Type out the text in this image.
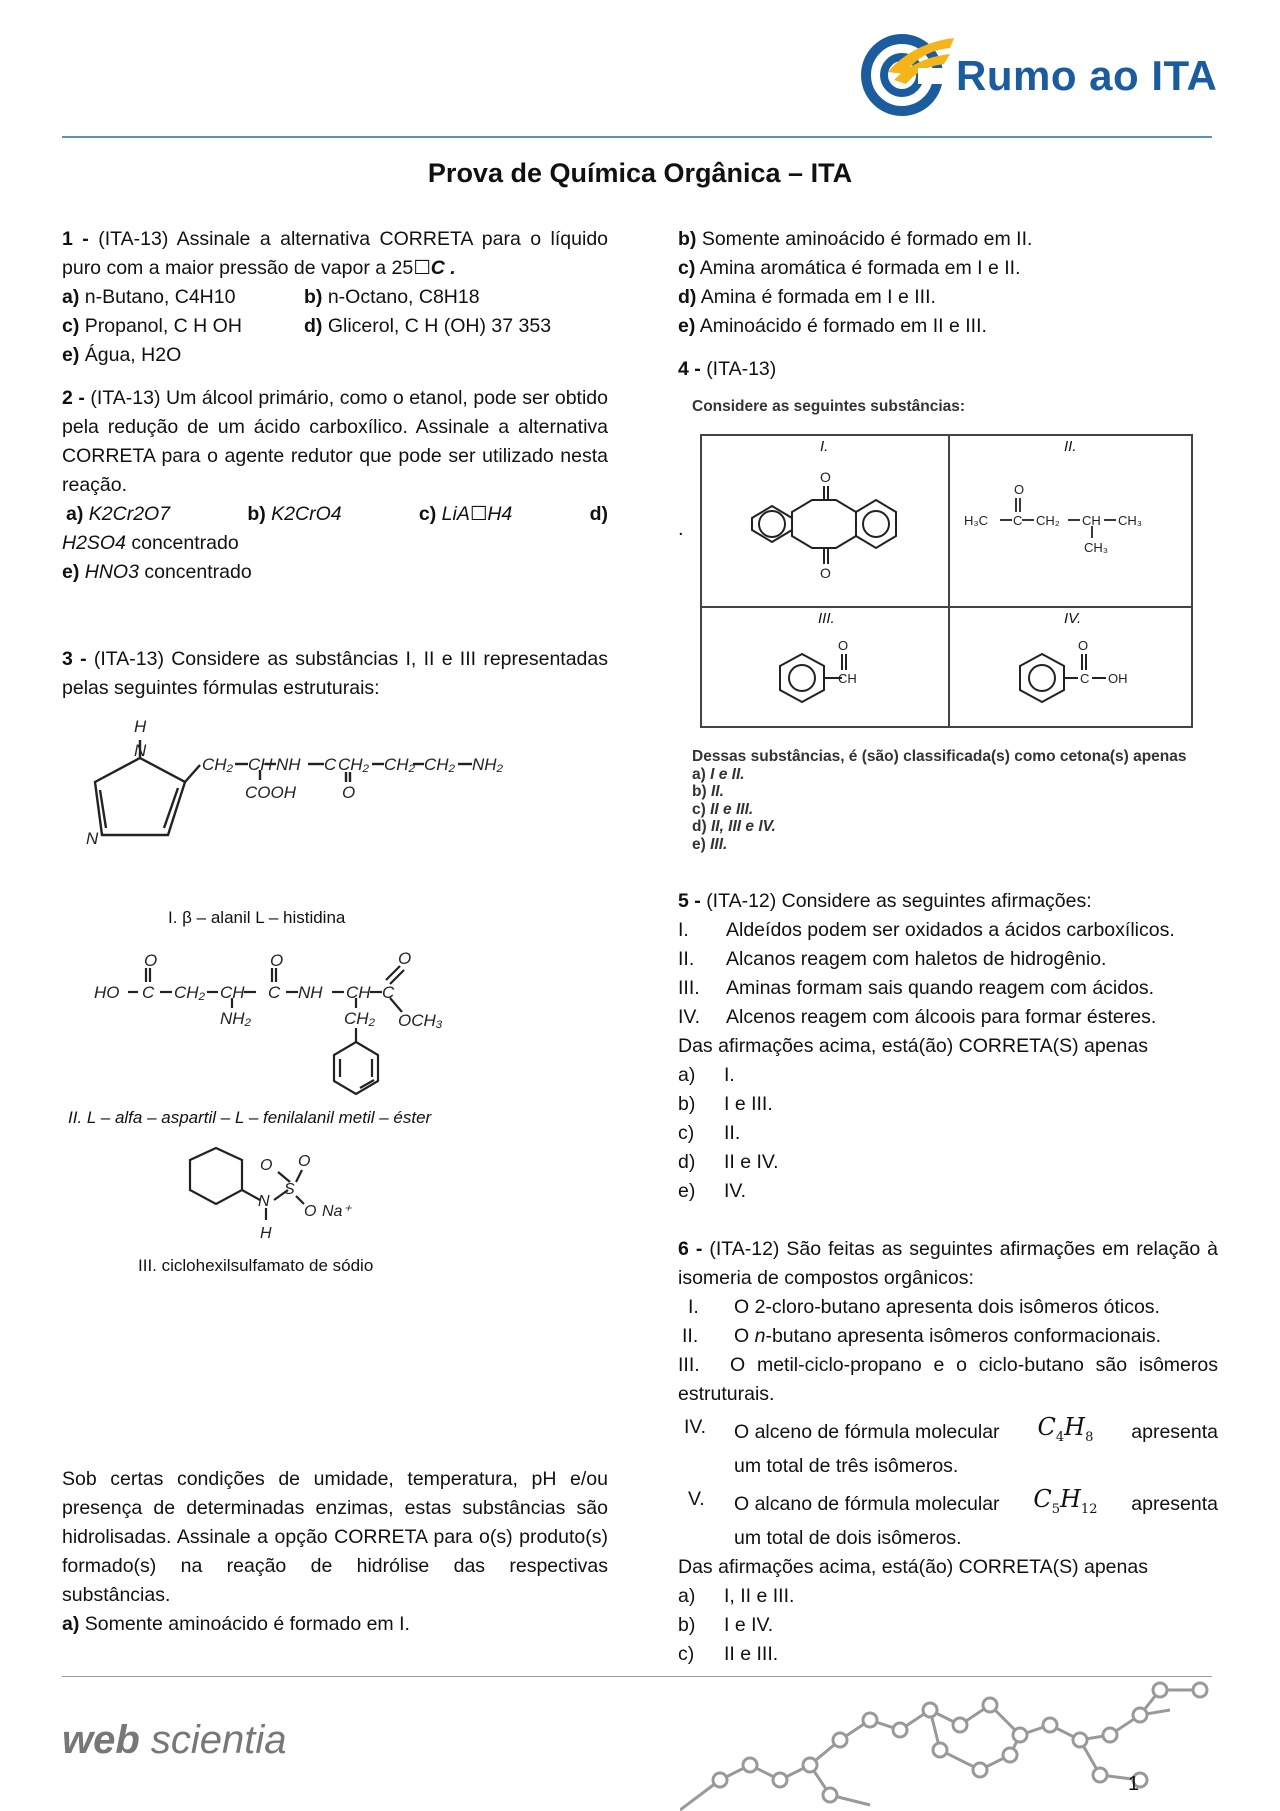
Rumo ao ITA
Prova de Química Orgânica – ITA
1 - (ITA-13) Assinale a alternativa CORRETA para o líquido puro com a maior pressão de vapor a 25☐C .
a) n-Butano, C4H10	b) n-Octano, C8H18
c) Propanol, C H OH	d) Glicerol, C H (OH) 37 353
e) Água, H2O
2 - (ITA-13) Um álcool primário, como o etanol, pode ser obtido pela redução de um ácido carboxílico. Assinale a alternativa CORRETA para o agente redutor que pode ser utilizado nesta reação.
a) K2Cr2O7	b) K2CrO4	c) LiA☐H4	d)
H2SO4 concentrado
e) HNO3 concentrado
3 - (ITA-13) Considere as substâncias I, II e III representadas pelas seguintes fórmulas estruturais:
H
N
N
CH₂ CH NH C CH₂ CH₂ CH₂ NH₂
COOH	O
I. β – alanil L – histidina
O	O	O
HO C CH₂ CH C NH CH C
NH₂	CH₂ OCH₃
II. L – alfa – aspartil – L – fenilalanil metil – éster
O O
S
N
O Na⁺
H
III. ciclohexilsulfamato de sódio
Sob certas condições de umidade, temperatura, pH e/ou presença de determinadas enzimas, estas substâncias são hidrolisadas. Assinale a opção CORRETA para o(s) produto(s) formado(s) na reação de hidrólise das respectivas substâncias.
a) Somente aminoácido é formado em I.
b) Somente aminoácido é formado em II.
c) Amina aromática é formada em I e II.
d) Amina é formada em I e III.
e) Aminoácido é formado em II e III.
4 - (ITA-13)
Considere as seguintes substâncias:
.
I.	II.
III.	IV.
O
O
O
H₃C C CH₂ CH CH₃
CH₃
O
CH
O
C OH
Dessas substâncias, é (são) classificada(s) como cetona(s) apenas
a) I e II.
b) II.
c) II e III.
d) II, III e IV.
e) III.
5 - (ITA-12) Considere as seguintes afirmações:
I. Aldeídos podem ser oxidados a ácidos carboxílicos.
II. Alcanos reagem com haletos de hidrogênio.
III. Aminas formam sais quando reagem com ácidos.
IV. Alcenos reagem com álcoois para formar ésteres.
Das afirmações acima, está(ão) CORRETA(S) apenas
a) I.
b) I e III.
c) II.
d) II e IV.
e) IV.
6 - (ITA-12) São feitas as seguintes afirmações em relação à isomeria de compostos orgânicos:
I. O 2-cloro-butano apresenta dois isômeros óticos.
II. O n-butano apresenta isômeros conformacionais.
III. O metil-ciclo-propano e o ciclo-butano são isômeros estruturais.
IV.	O alceno de fórmula molecular $C_4H_8$ apresenta
um total de três isômeros.
V.	O alcano de fórmula molecular $C_5H_{12}$ apresenta
um total de dois isômeros.
Das afirmações acima, está(ão) CORRETA(S) apenas
a) I, II e III.
b) I e IV.
c) II e III.
web scientia
1
